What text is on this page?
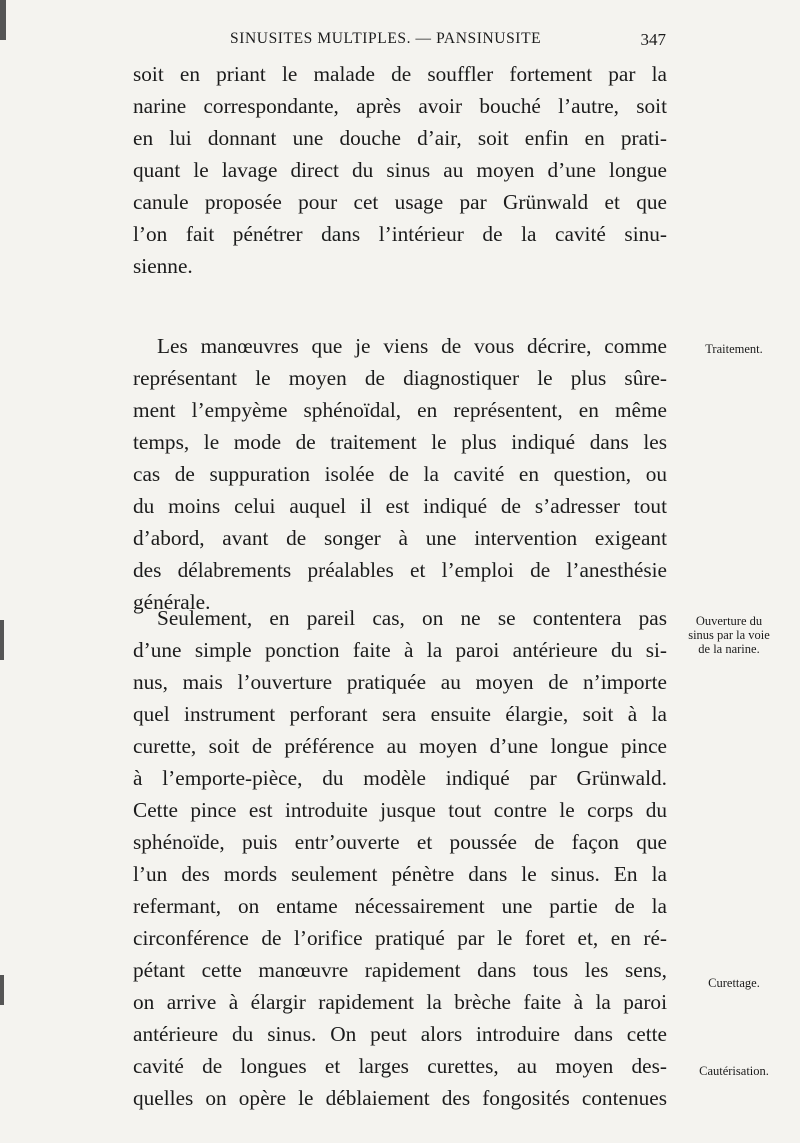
SINUSITES MULTIPLES. — PANSINUSITE	347
soit en priant le malade de souffler fortement par la
narine correspondante, après avoir bouché l’autre, soit
en lui donnant une douche d’air, soit enfin en prati-
quant le lavage direct du sinus au moyen d’une longue
canule proposée pour cet usage par Grünwald et que
l’on fait pénétrer dans l’intérieur de la cavité sinu-
sienne.
Les manœuvres que je viens de vous décrire, comme
représentant le moyen de diagnostiquer le plus sûre-
ment l’empyème sphénoïdal, en représentent, en même
temps, le mode de traitement le plus indiqué dans les
cas de suppuration isolée de la cavité en question, ou
du moins celui auquel il est indiqué de s’adresser tout
d’abord, avant de songer à une intervention exigeant
des délabrements préalables et l’emploi de l’anesthésie
générale.
Seulement, en pareil cas, on ne se contentera pas
d’une simple ponction faite à la paroi antérieure du si-
nus, mais l’ouverture pratiquée au moyen de n’importe
quel instrument perforant sera ensuite élargie, soit à la
curette, soit de préférence au moyen d’une longue pince
à l’emporte-pièce, du modèle indiqué par Grünwald.
Cette pince est introduite jusque tout contre le corps du
sphénoïde, puis entr’ouverte et poussée de façon que
l’un des mords seulement pénètre dans le sinus. En la
refermant, on entame nécessairement une partie de la
circonférence de l’orifice pratiqué par le foret et, en ré-
pétant cette manœuvre rapidement dans tous les sens,
on arrive à élargir rapidement la brèche faite à la paroi
antérieure du sinus. On peut alors introduire dans cette
cavité de longues et larges curettes, au moyen des-
quelles on opère le déblaiement des fongosités contenues
Traitement.
Ouverture du
sinus par la voie
de la narine.
Curettage.
Cautérisation.
